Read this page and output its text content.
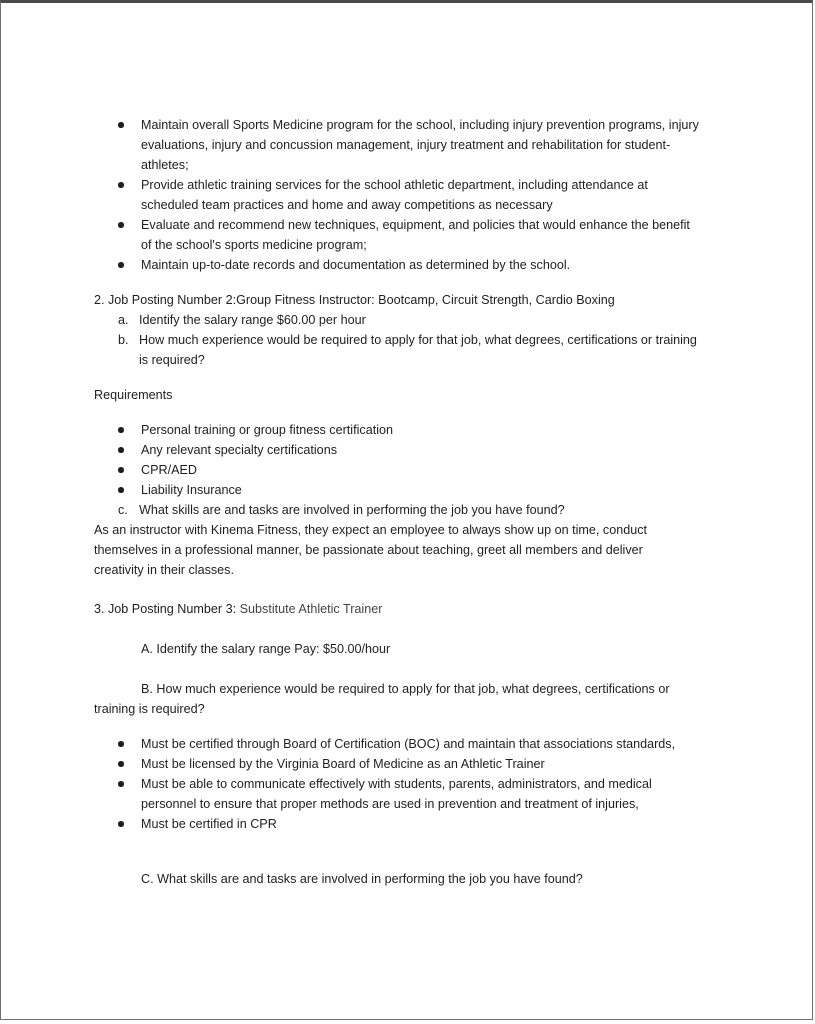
Maintain overall Sports Medicine program for the school, including injury prevention programs, injury evaluations, injury and concussion management, injury treatment and rehabilitation for student-athletes;
Provide athletic training services for the school athletic department, including attendance at scheduled team practices and home and away competitions as necessary
Evaluate and recommend new techniques, equipment, and policies that would enhance the benefit of the school's sports medicine program;
Maintain up-to-date records and documentation as determined by the school.
2. Job Posting Number 2:Group Fitness Instructor: Bootcamp, Circuit Strength, Cardio Boxing
a. Identify the salary range $60.00 per hour
b. How much experience would be required to apply for that job, what degrees, certifications or training is required?
Requirements
Personal training or group fitness certification
Any relevant specialty certifications
CPR/AED
Liability Insurance
c. What skills are and tasks are involved in performing the job you have found?
As an instructor with Kinema Fitness, they expect an employee to always show up on time, conduct themselves in a professional manner, be passionate about teaching, greet all members and deliver creativity in their classes.
3. Job Posting Number 3: Substitute Athletic Trainer
A. Identify the salary range Pay: $50.00/hour
B. How much experience would be required to apply for that job, what degrees, certifications or training is required?
Must be certified through Board of Certification (BOC) and maintain that associations standards,
Must be licensed by the Virginia Board of Medicine as an Athletic Trainer
Must be able to communicate effectively with students, parents, administrators, and medical personnel to ensure that proper methods are used in prevention and treatment of injuries,
Must be certified in CPR
C. What skills are and tasks are involved in performing the job you have found?
